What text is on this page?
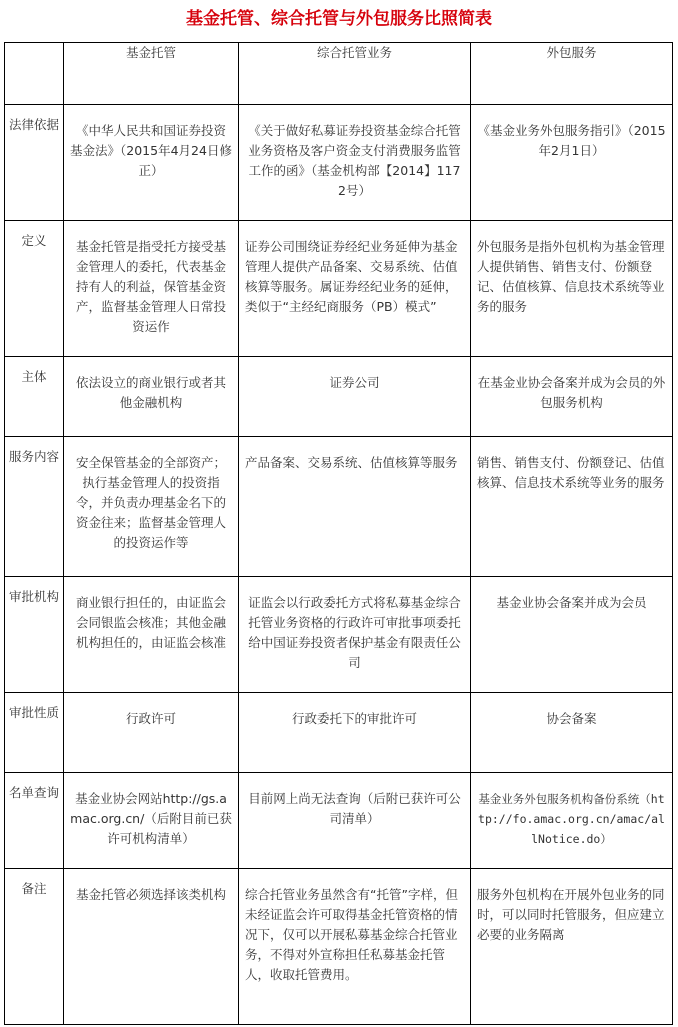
基金托管、综合托管与外包服务比照简表
	基金托管	综合托管业务	外包服务
法律依据	《中华人民共和国证券投资基金法》（2015年4月24日修正）	《关于做好私募证券投资基金综合托管业务资格及客户资金支付消费服务监管工作的函》（基金机构部【2014】1172号）	《基金业务外包服务指引》（2015年2月1日）

定义	基金托管是指受托方接受基金管理人的委托，代表基金持有人的利益，保管基金资产，监督基金管理人日常投资运作	证券公司围绕证券经纪业务延伸为基金管理人提供产品备案、交易系统、估值核算等服务。属证券经纪业务的延伸，类似于“主经纪商服务（PB）模式”	外包服务是指外包机构为基金管理人提供销售、销售支付、份额登记、估值核算、信息技术系统等业务的服务

主体	依法设立的商业银行或者其他金融机构	证券公司	在基金业协会备案并成为会员的外包服务机构

服务内容	安全保管基金的全部资产；执行基金管理人的投资指令，并负责办理基金名下的资金往来；监督基金管理人的投资运作等	产品备案、交易系统、估值核算等服务	销售、销售支付、份额登记、估值核算、信息技术系统等业务的服务

审批机构	商业银行担任的，由证监会会同银监会核准；其他金融机构担任的，由证监会核准	证监会以行政委托方式将私募基金综合托管业务资格的行政许可审批事项委托给中国证券投资者保护基金有限责任公司	基金业协会备案并成为会员

审批性质	行政许可	行政委托下的审批许可	协会备案

名单查询	基金业协会网站http://gs.amac.org.cn/（后附目前已获许可机构清单）	目前网上尚无法查询（后附已获许可公司清单）	基金业务外包服务机构备份系统（http://fo.amac.org.cn/amac/allNotice.do）

备注	基金托管必须选择该类机构	综合托管业务虽然含有“托管”字样，但未经证监会许可取得基金托管资格的情况下，仅可以开展私募基金综合托管业务，不得对外宣称担任私募基金托管人，收取托管费用。	服务外包机构在开展外包业务的同时，可以同时托管服务，但应建立必要的业务隔离
